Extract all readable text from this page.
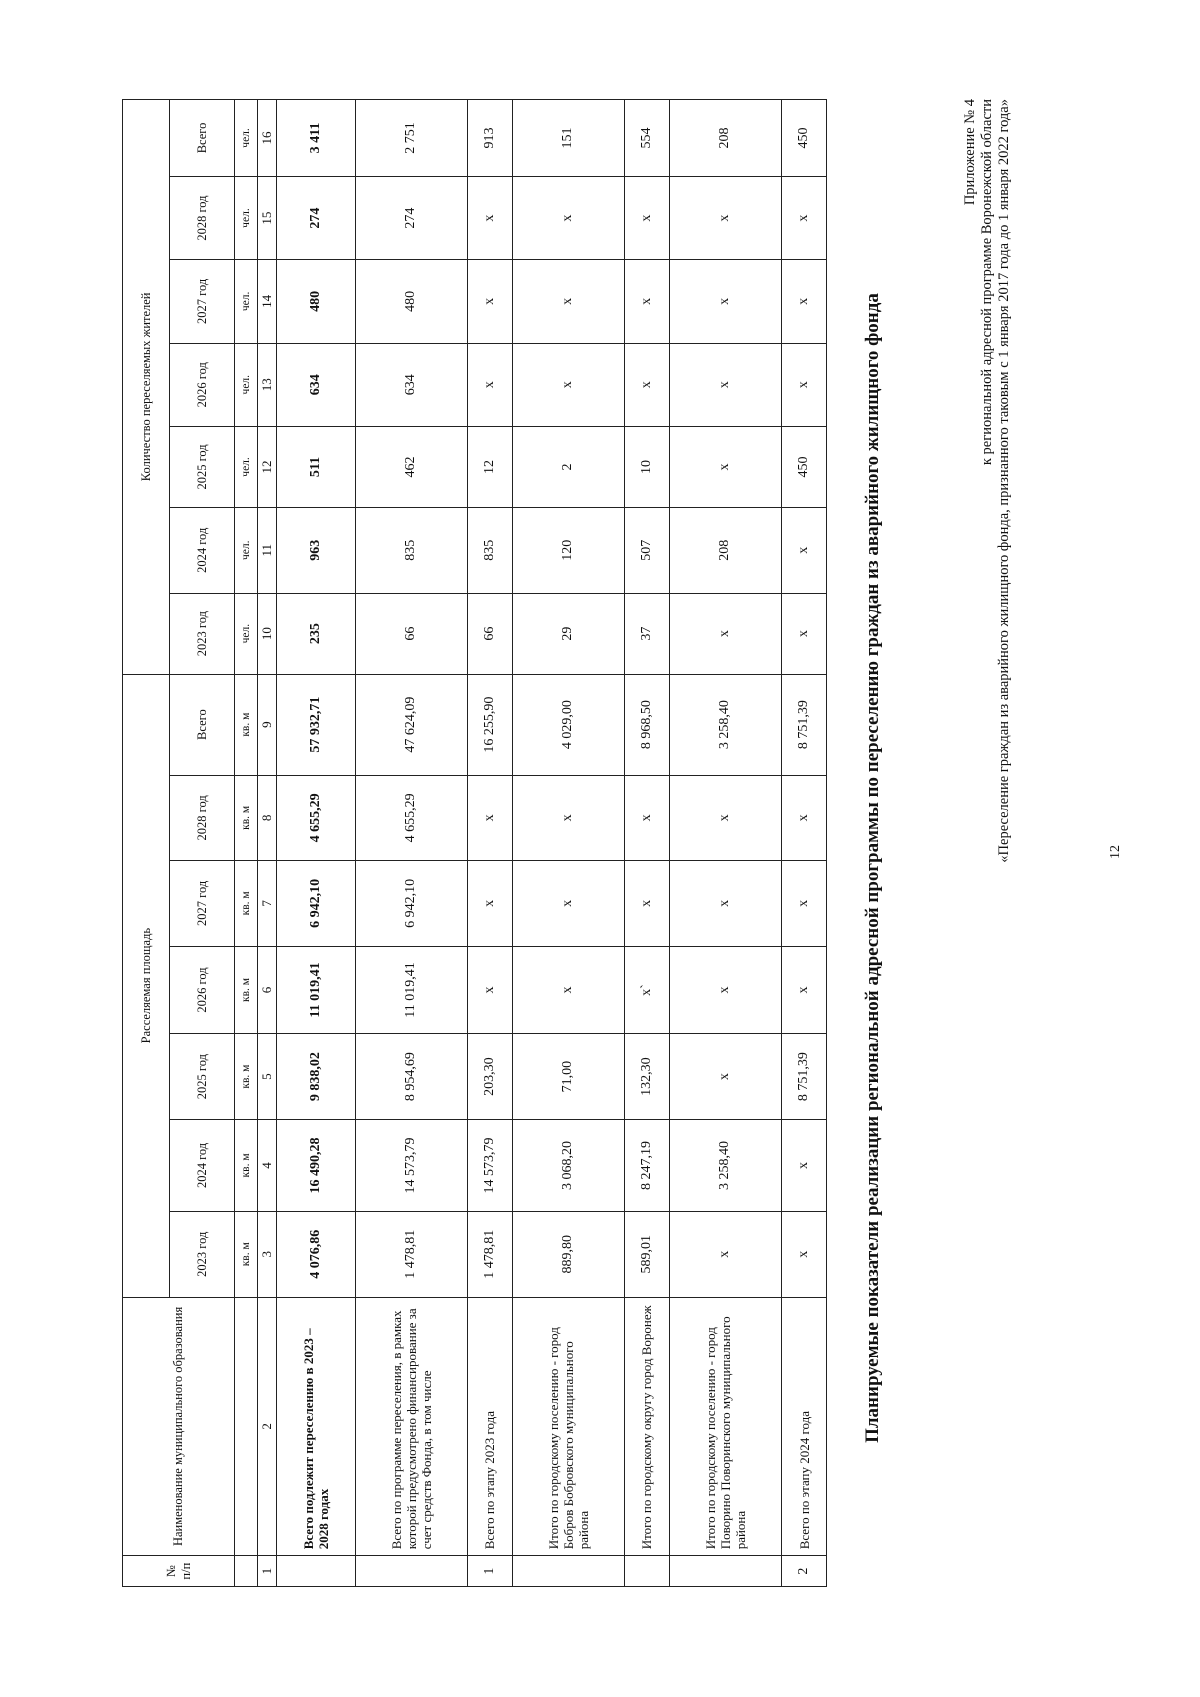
12
Приложение № 4 к региональной адресной программе Воронежской области «Переселение граждан из аварийного жилищного фонда, признанного таковым с 1 января 2017 года до 1 января 2022 года»
Планируемые показатели реализации региональной адресной программы по переселению граждан из аварийного жилищного фонда
№ п/п	Наименование муниципального образования	Расселяемая площадь							Количество переселяемых жителей						
		2023 год	2024 год	2025 год	2026 год	2027 год	2028 год	Всего	2023 год	2024 год	2025 год	2026 год	2027 год	2028 год	Всего
		кв. м	кв. м	кв. м	кв. м	кв. м	кв. м	кв. м	чел.	чел.	чел.	чел.	чел.	чел.	чел.
1	2	3	4	5	6	7	8	9	10	11	12	13	14	15	16
	Всего подлежит переселению в 2023 – 2028 годах	4 076,86	16 490,28	9 838,02	11 019,41	6 942,10	4 655,29	57 932,71	235	963	511	634	480	274	3 411
	Всего по программе переселения, в рамках которой предусмотрено финансирование за счет средств Фонда, в том числе	1 478,81	14 573,79	8 954,69	11 019,41	6 942,10	4 655,29	47 624,09	66	835	462	634	480	274	2 751
1	Всего по этапу 2023 года	1 478,81	14 573,79	203,30	х	х	х	16 255,90	66	835	12	х	х	х	913
	Итого по городскому поселению - город Бобров Бобровского муниципального района	889,80	3 068,20	71,00	х	х	х	4 029,00	29	120	2	х	х	х	151
	Итого по городскому округу город Воронеж	589,01	8 247,19	132,30	х`	х	х	8 968,50	37	507	10	х	х	х	554
	Итого по городскому поселению - город Поворино Поворинского муниципального района	х	3 258,40	х	х	х	х	3 258,40	х	208	х	х	х	х	208
2	Всего по этапу 2024 года	х	х	8 751,39	х	х	х	8 751,39	х	х	450	х	х	х	450
